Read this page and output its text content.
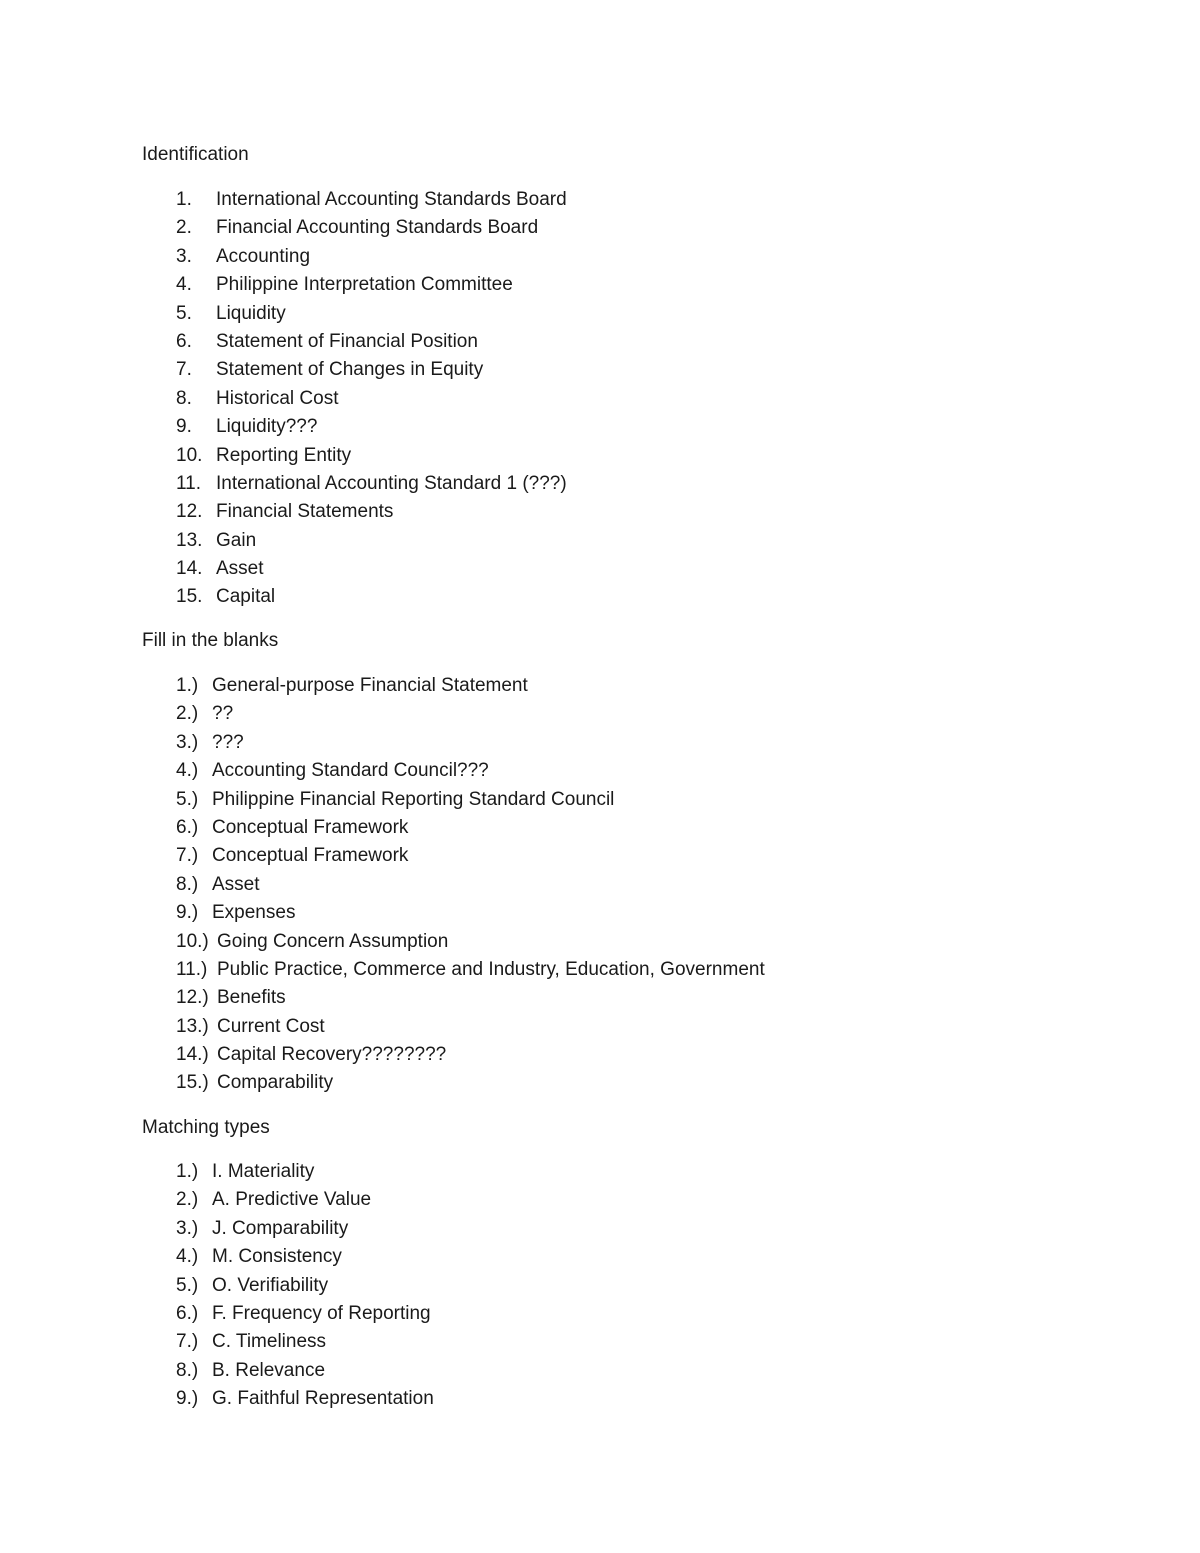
Identification
1. International Accounting Standards Board
2. Financial Accounting Standards Board
3. Accounting
4. Philippine Interpretation Committee
5. Liquidity
6. Statement of Financial Position
7. Statement of Changes in Equity
8. Historical Cost
9. Liquidity???
10. Reporting Entity
11. International Accounting Standard 1 (???)
12. Financial Statements
13. Gain
14. Asset
15. Capital
Fill in the blanks
1.) General-purpose Financial Statement
2.) ??
3.) ???
4.) Accounting Standard Council???
5.) Philippine Financial Reporting Standard Council
6.) Conceptual Framework
7.) Conceptual Framework
8.) Asset
9.) Expenses
10.) Going Concern Assumption
11.) Public Practice, Commerce and Industry, Education, Government
12.) Benefits
13.) Current Cost
14.) Capital Recovery????????
15.) Comparability
Matching types
1.) I. Materiality
2.) A. Predictive Value
3.) J. Comparability
4.) M. Consistency
5.) O. Verifiability
6.) F. Frequency of Reporting
7.) C. Timeliness
8.) B. Relevance
9.) G. Faithful Representation
